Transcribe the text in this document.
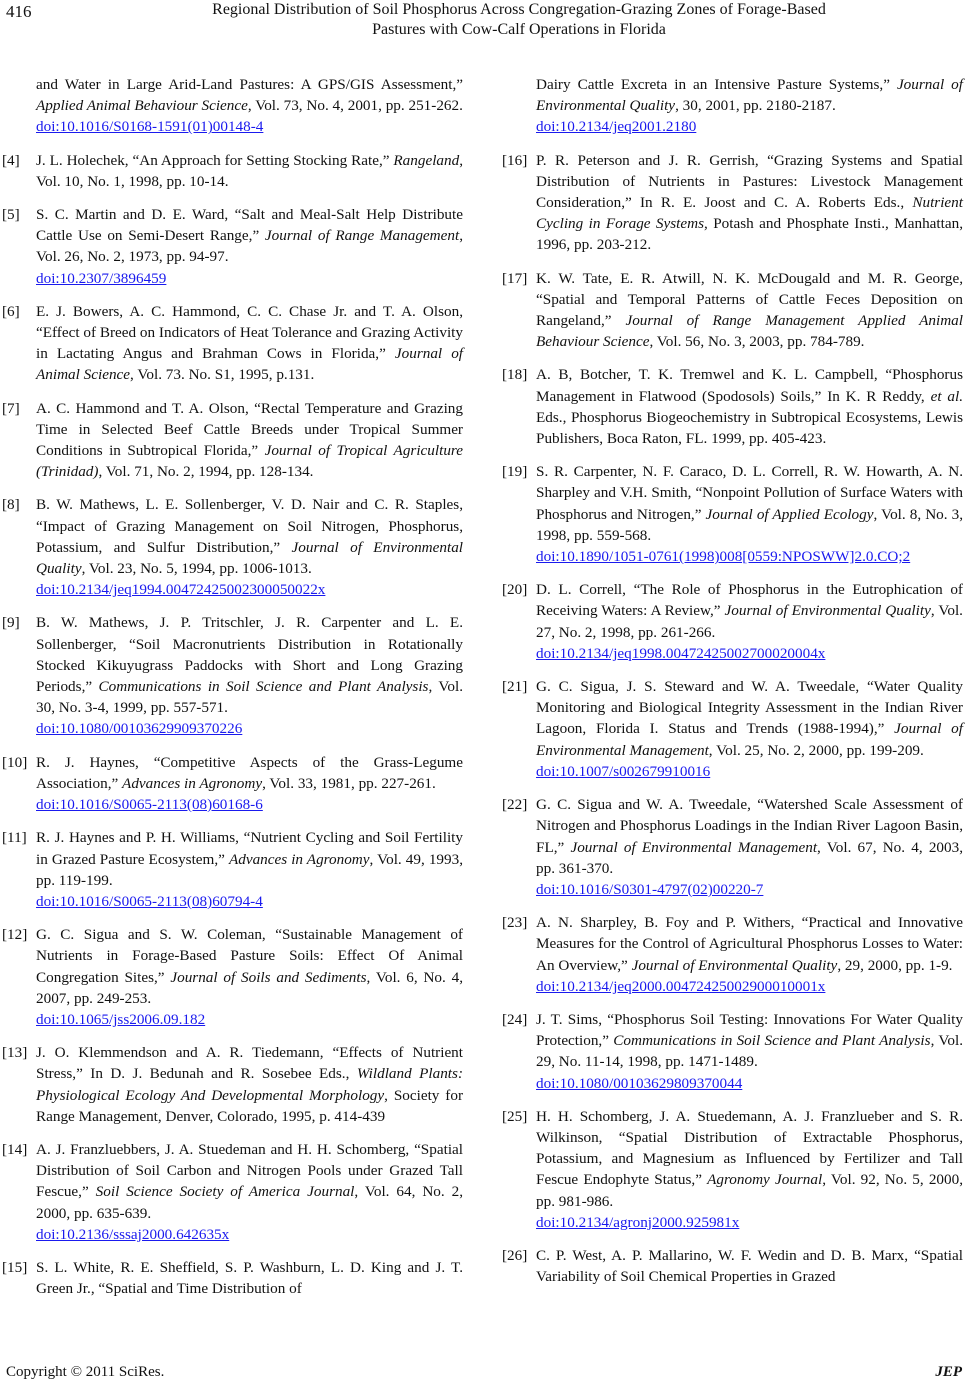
416	Regional Distribution of Soil Phosphorus Across Congregation-Grazing Zones of Forage-Based
Pastures with Cow-Calf Operations in Florida

and Water in Large Arid-Land Pastures: A GPS/GIS Assessment,” Applied Animal Behaviour Science, Vol. 73, No. 4, 2001, pp. 251-262.
doi:10.1016/S0168-1591(01)00148-4

[4] J. L. Holechek, “An Approach for Setting Stocking Rate,” Rangeland, Vol. 10, No. 1, 1998, pp. 10-14.

[5] S. C. Martin and D. E. Ward, “Salt and Meal-Salt Help Distribute Cattle Use on Semi-Desert Range,” Journal of Range Management, Vol. 26, No. 2, 1973, pp. 94-97.
doi:10.2307/3896459

[6] E. J. Bowers, A. C. Hammond, C. C. Chase Jr. and T. A. Olson, “Effect of Breed on Indicators of Heat Tolerance and Grazing Activity in Lactating Angus and Brahman Cows in Florida,” Journal of Animal Science, Vol. 73. No. S1, 1995, p.131.

[7] A. C. Hammond and T. A. Olson, “Rectal Temperature and Grazing Time in Selected Beef Cattle Breeds under Tropical Summer Conditions in Subtropical Florida,” Journal of Tropical Agriculture (Trinidad), Vol. 71, No. 2, 1994, pp. 128-134.

[8] B. W. Mathews, L. E. Sollenberger, V. D. Nair and C. R. Staples, “Impact of Grazing Management on Soil Nitrogen, Phosphorus, Potassium, and Sulfur Distribution,” Journal of Environmental Quality, Vol. 23, No. 5, 1994, pp. 1006-1013.
doi:10.2134/jeq1994.00472425002300050022x

[9] B. W. Mathews, J. P. Tritschler, J. R. Carpenter and L. E. Sollenberger, “Soil Macronutrients Distribution in Rotationally Stocked Kikuyugrass Paddocks with Short and Long Grazing Periods,” Communications in Soil Science and Plant Analysis, Vol. 30, No. 3-4, 1999, pp. 557-571.
doi:10.1080/00103629909370226

[10] R. J. Haynes, “Competitive Aspects of the Grass-Legume Association,” Advances in Agronomy, Vol. 33, 1981, pp. 227-261.
doi:10.1016/S0065-2113(08)60168-6

[11] R. J. Haynes and P. H. Williams, “Nutrient Cycling and Soil Fertility in Grazed Pasture Ecosystem,” Advances in Agronomy, Vol. 49, 1993, pp. 119-199.
doi:10.1016/S0065-2113(08)60794-4

[12] G. C. Sigua and S. W. Coleman, “Sustainable Management of Nutrients in Forage-Based Pasture Soils: Effect Of Animal Congregation Sites,” Journal of Soils and Sediments, Vol. 6, No. 4, 2007, pp. 249-253.
doi:10.1065/jss2006.09.182

[13] J. O. Klemmendson and A. R. Tiedemann, “Effects of Nutrient Stress,” In D. J. Bedunah and R. Sosebee Eds., Wildland Plants: Physiological Ecology And Developmental Morphology, Society for Range Management, Denver, Colorado, 1995, p. 414-439

[14] A. J. Franzluebbers, J. A. Stuedeman and H. H. Schomberg, “Spatial Distribution of Soil Carbon and Nitrogen Pools under Grazed Tall Fescue,” Soil Science Society of America Journal, Vol. 64, No. 2, 2000, pp. 635-639.
doi:10.2136/sssaj2000.642635x

[15] S. L. White, R. E. Sheffield, S. P. Washburn, L. D. King and J. T. Green Jr., “Spatial and Time Distribution of

Dairy Cattle Excreta in an Intensive Pasture Systems,” Journal of Environmental Quality, 30, 2001, pp. 2180-2187.
doi:10.2134/jeq2001.2180

[16] P. R. Peterson and J. R. Gerrish, “Grazing Systems and Spatial Distribution of Nutrients in Pastures: Livestock Management Consideration,” In R. E. Joost and C. A. Roberts Eds., Nutrient Cycling in Forage Systems, Potash and Phosphate Insti., Manhattan, 1996, pp. 203-212.

[17] K. W. Tate, E. R. Atwill, N. K. McDougald and M. R. George, “Spatial and Temporal Patterns of Cattle Feces Deposition on Rangeland,” Journal of Range Management Applied Animal Behaviour Science, Vol. 56, No. 3, 2003, pp. 784-789.

[18] A. B, Botcher, T. K. Tremwel and K. L. Campbell, “Phosphorus Management in Flatwood (Spodosols) Soils,” In K. R Reddy, et al. Eds., Phosphorus Biogeochemistry in Subtropical Ecosystems, Lewis Publishers, Boca Raton, FL. 1999, pp. 405-423.

[19] S. R. Carpenter, N. F. Caraco, D. L. Correll, R. W. Howarth, A. N. Sharpley and V.H. Smith, “Nonpoint Pollution of Surface Waters with Phosphorus and Nitrogen,” Journal of Applied Ecology, Vol. 8, No. 3, 1998, pp. 559-568.
doi:10.1890/1051-0761(1998)008[0559:NPOSWW]2.0.CO;2

[20] D. L. Correll, “The Role of Phosphorus in the Eutrophication of Receiving Waters: A Review,” Journal of Environmental Quality, Vol. 27, No. 2, 1998, pp. 261-266.
doi:10.2134/jeq1998.00472425002700020004x

[21] G. C. Sigua, J. S. Steward and W. A. Tweedale, “Water Quality Monitoring and Biological Integrity Assessment in the Indian River Lagoon, Florida I. Status and Trends (1988-1994),” Journal of Environmental Management, Vol. 25, No. 2, 2000, pp. 199-209.
doi:10.1007/s002679910016

[22] G. C. Sigua and W. A. Tweedale, “Watershed Scale Assessment of Nitrogen and Phosphorus Loadings in the Indian River Lagoon Basin, FL,” Journal of Environmental Management, Vol. 67, No. 4, 2003, pp. 361-370.
doi:10.1016/S0301-4797(02)00220-7

[23] A. N. Sharpley, B. Foy and P. Withers, “Practical and Innovative Measures for the Control of Agricultural Phosphorus Losses to Water: An Overview,” Journal of Environmental Quality, 29, 2000, pp. 1-9.
doi:10.2134/jeq2000.00472425002900010001x

[24] J. T. Sims, “Phosphorus Soil Testing: Innovations For Water Quality Protection,” Communications in Soil Science and Plant Analysis, Vol. 29, No. 11-14, 1998, pp. 1471-1489.
doi:10.1080/00103629809370044

[25] H. H. Schomberg, J. A. Stuedemann, A. J. Franzlueber and S. R. Wilkinson, “Spatial Distribution of Extractable Phosphorus, Potassium, and Magnesium as Influenced by Fertilizer and Tall Fescue Endophyte Status,” Agronomy Journal, Vol. 92, No. 5, 2000, pp. 981-986.
doi:10.2134/agronj2000.925981x

[26] C. P. West, A. P. Mallarino, W. F. Wedin and D. B. Marx, “Spatial Variability of Soil Chemical Properties in Grazed

Copyright © 2011 SciRes.	JEP
